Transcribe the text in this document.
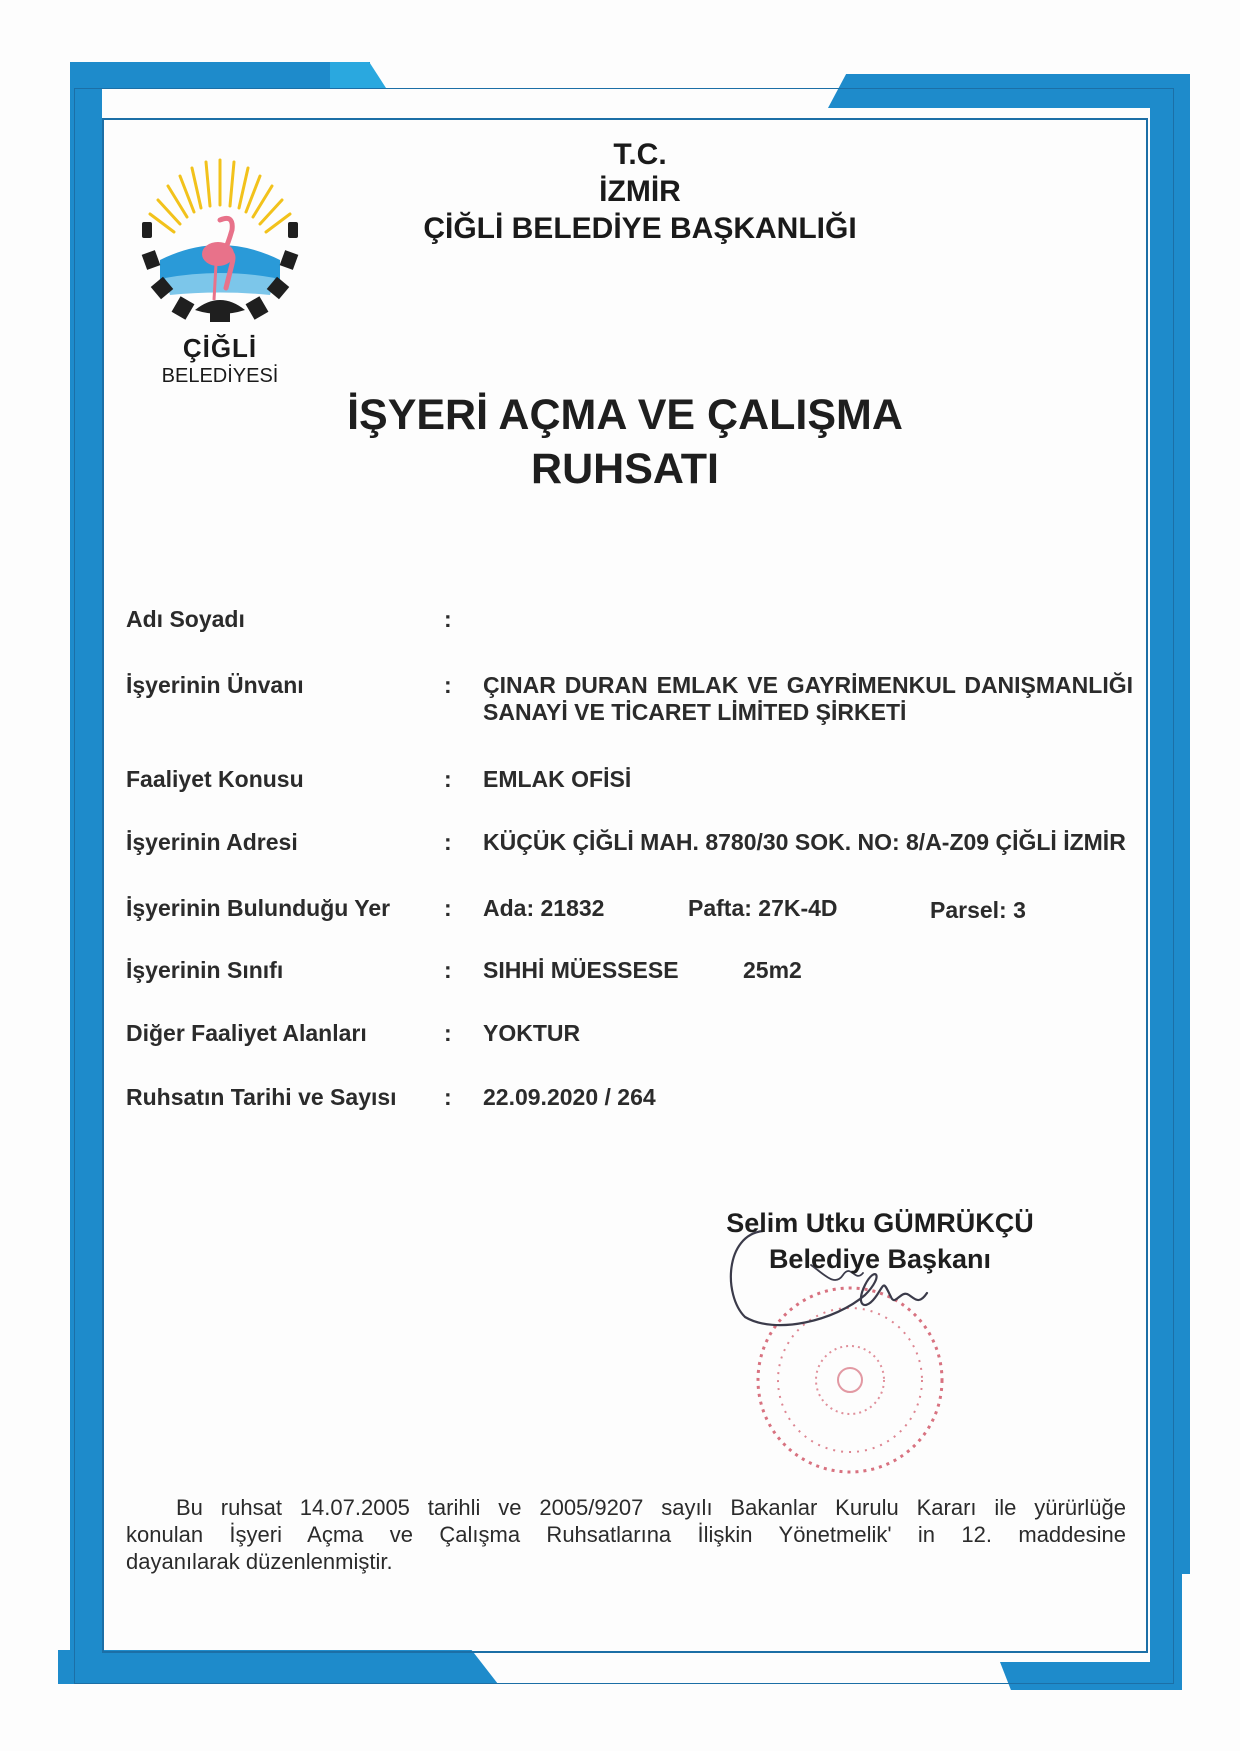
ÇİĞLİ
BELEDİYESİ
T.C.
İZMİR
ÇİĞLİ BELEDİYE BAŞKANLIĞI
İŞYERİ AÇMA VE ÇALIŞMA
RUHSATI
Adı Soyadı	:
İşyerinin Ünvanı	: ÇINAR DURAN EMLAK VE GAYRİMENKUL DANIŞMANLIĞI SANAYİ VE TİCARET LİMİTED ŞİRKETİ
Faaliyet Konusu	: EMLAK OFİSİ
İşyerinin Adresi	: KÜÇÜK ÇİĞLİ MAH. 8780/30 SOK. NO: 8/A-Z09 ÇİĞLİ İZMİR
İşyerinin Bulunduğu Yer : Ada: 21832	Pafta: 27K-4D	Parsel: 3
İşyerinin Sınıfı	: SIHHİ MÜESSESE	25m2
Diğer Faaliyet Alanları	: YOKTUR
Ruhsatın Tarihi ve Sayısı : 22.09.2020 / 264
Selim Utku GÜMRÜKÇÜ
Belediye Başkanı
Bu ruhsat 14.07.2005 tarihli ve 2005/9207 sayılı Bakanlar Kurulu Kararı ile yürürlüğe
konulan İşyeri Açma ve Çalışma Ruhsatlarına İlişkin Yönetmelik' in 12. maddesine
dayanılarak düzenlenmiştir.
